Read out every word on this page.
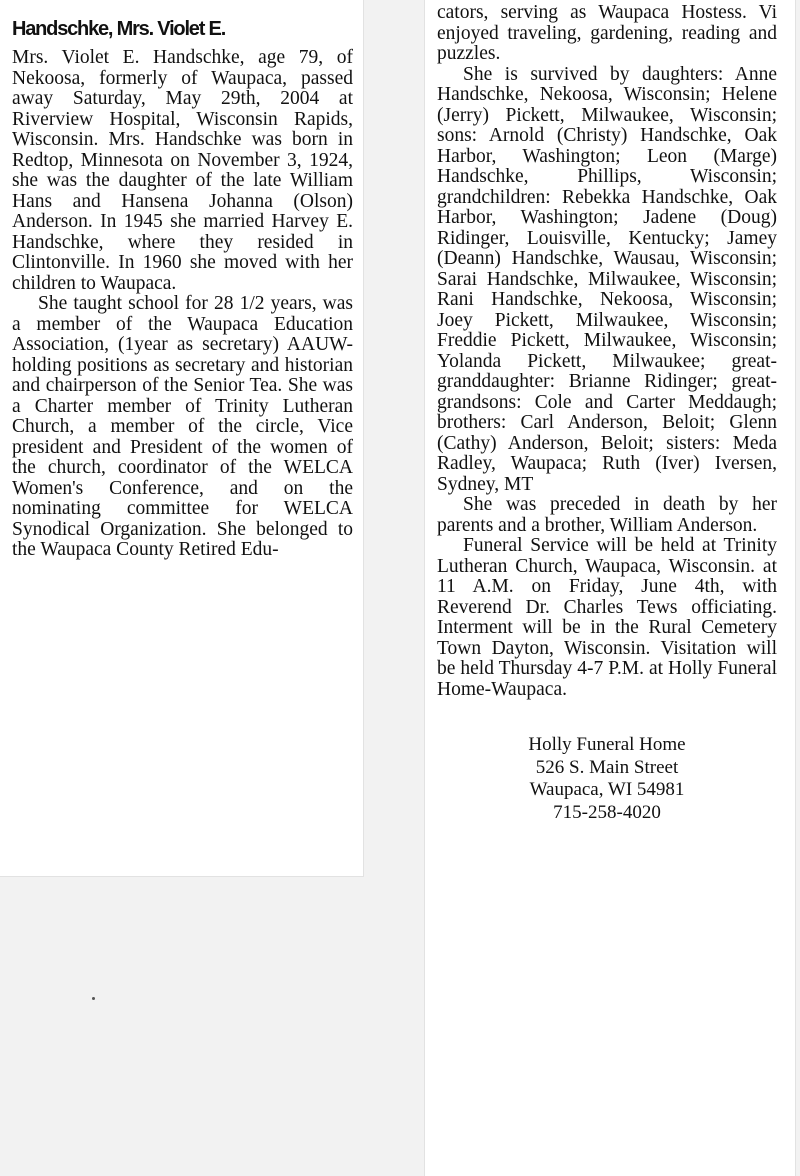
Handschke, Mrs. Violet E.

Mrs. Violet E. Handschke, age 79, of Nekoosa, formerly of Waupaca, passed away Saturday, May 29th, 2004 at Riverview Hospital, Wisconsin Rapids, Wisconsin. Mrs. Handschke was born in Redtop, Minnesota on November 3, 1924, she was the daughter of the late William Hans and Hansena Johanna (Olson) Anderson. In 1945 she married Harvey E. Handschke, where they resided in Clintonville. In 1960 she moved with her children to Waupaca.

She taught school for 28 1/2 years, was a member of the Waupaca Education Association, (1year as secretary) AAUW-holding positions as secretary and historian and chairperson of the Senior Tea. She was a Charter member of Trinity Lutheran Church, a member of the circle, Vice president and President of the women of the church, coordinator of the WELCA Women's Conference, and on the nominating committee for WELCA Synodical Organization. She belonged to the Waupaca County Retired Edu-

cators, serving as Waupaca Hostess. Vi enjoyed traveling, gardening, reading and puzzles.

She is survived by daughters: Anne Handschke, Nekoosa, Wisconsin; Helene (Jerry) Pickett, Milwaukee, Wisconsin; sons: Arnold (Christy) Handschke, Oak Harbor, Washington; Leon (Marge) Handschke, Phillips, Wisconsin; grandchildren: Rebekka Handschke, Oak Harbor, Washington; Jadene (Doug) Ridinger, Louisville, Kentucky; Jamey (Deann) Handschke, Wausau, Wisconsin; Sarai Handschke, Milwaukee, Wisconsin; Rani Handschke, Nekoosa, Wisconsin; Joey Pickett, Milwaukee, Wisconsin; Freddie Pickett, Milwaukee, Wisconsin; Yolanda Pickett, Milwaukee; great-granddaughter: Brianne Ridinger; great-grandsons: Cole and Carter Meddaugh; brothers: Carl Anderson, Beloit; Glenn (Cathy) Anderson, Beloit; sisters: Meda Radley, Waupaca; Ruth (Iver) Iversen, Sydney, MT

She was preceded in death by her parents and a brother, William Anderson.

Funeral Service will be held at Trinity Lutheran Church, Waupaca, Wisconsin. at 11 A.M. on Friday, June 4th, with Reverend Dr. Charles Tews officiating. Interment will be in the Rural Cemetery Town Dayton, Wisconsin. Visitation will be held Thursday 4-7 P.M. at Holly Funeral Home-Waupaca.

Holly Funeral Home
526 S. Main Street
Waupaca, WI 54981
715-258-4020
